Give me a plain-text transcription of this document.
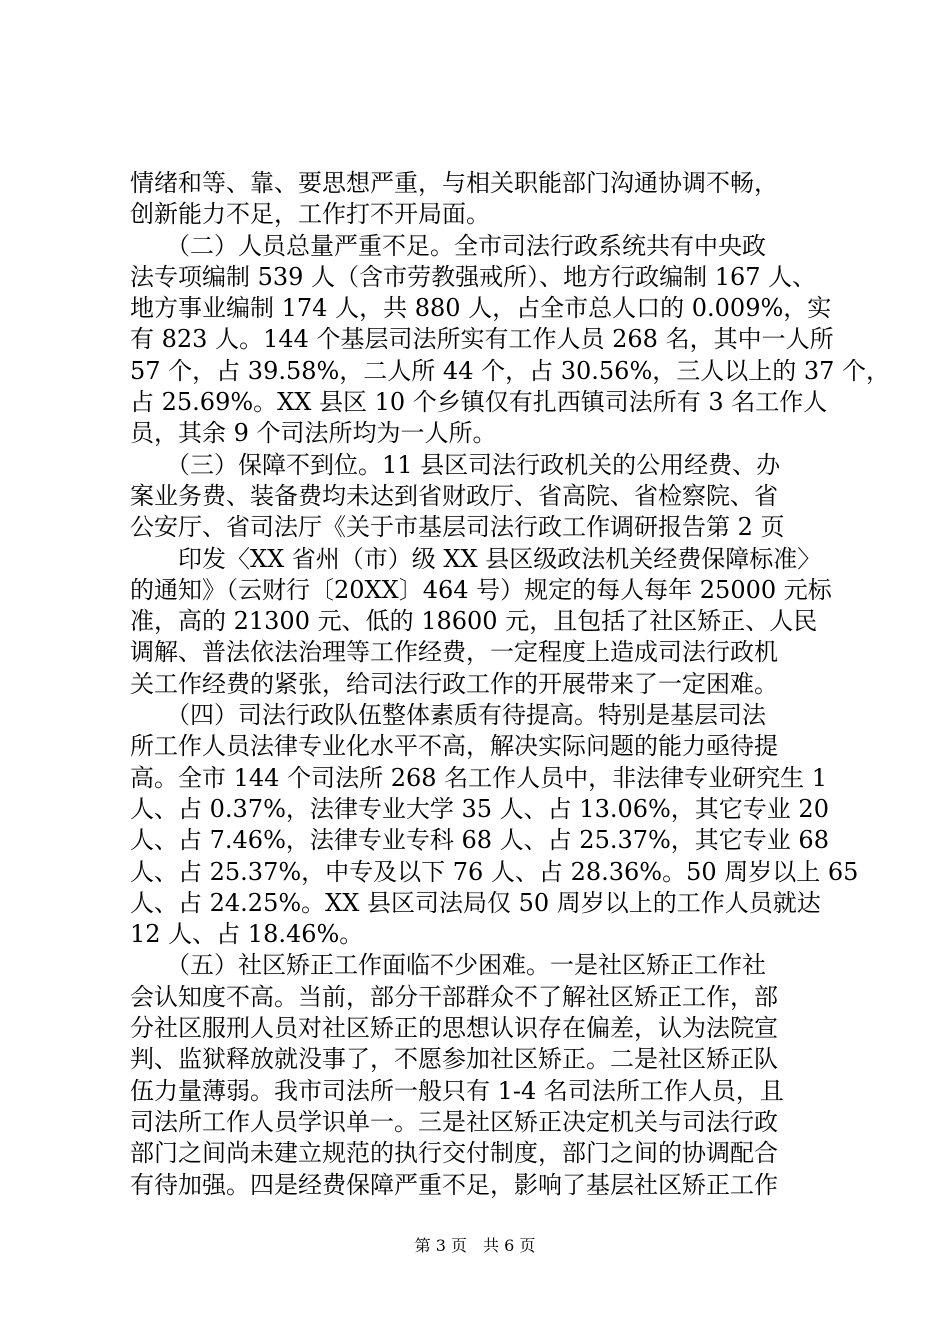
情绪和等、靠、要思想严重，与相关职能部门沟通协调不畅，
创新能力不足，工作打不开局面。
　　（二）人员总量严重不足。全市司法行政系统共有中央政
法专项编制 539 人（含市劳教强戒所）、地方行政编制 167 人、
地方事业编制 174 人，共 880 人，占全市总人口的 0.009%，实
有 823 人。144 个基层司法所实有工作人员 268 名，其中一人所
57 个，占 39.58%，二人所 44 个，占 30.56%，三人以上的 37 个，
占 25.69%。XX 县区 10 个乡镇仅有扎西镇司法所有 3 名工作人
员，其余 9 个司法所均为一人所。
　　（三）保障不到位。11 县区司法行政机关的公用经费、办
案业务费、装备费均未达到省财政厅、省高院、省检察院、省
公安厅、省司法厅《关于市基层司法行政工作调研报告第 2 页
　　印发〈XX 省州（市）级 XX 县区级政法机关经费保障标准〉
的通知》（云财行〔20XX〕464 号）规定的每人每年 25000 元标
准，高的 21300 元、低的 18600 元，且包括了社区矫正、人民
调解、普法依法治理等工作经费，一定程度上造成司法行政机
关工作经费的紧张，给司法行政工作的开展带来了一定困难。
　　（四）司法行政队伍整体素质有待提高。特别是基层司法
所工作人员法律专业化水平不高，解决实际问题的能力亟待提
高。全市 144 个司法所 268 名工作人员中，非法律专业研究生 1
人、占 0.37%，法律专业大学 35 人、占 13.06%，其它专业 20
人、占 7.46%，法律专业专科 68 人、占 25.37%，其它专业 68
人、占 25.37%，中专及以下 76 人、占 28.36%。50 周岁以上 65
人、占 24.25%。XX 县区司法局仅 50 周岁以上的工作人员就达
12 人、占 18.46%。
　　（五）社区矫正工作面临不少困难。一是社区矫正工作社
会认知度不高。当前，部分干部群众不了解社区矫正工作，部
分社区服刑人员对社区矫正的思想认识存在偏差，认为法院宣
判、监狱释放就没事了，不愿参加社区矫正。二是社区矫正队
伍力量薄弱。我市司法所一般只有 1-4 名司法所工作人员，且
司法所工作人员学识单一。三是社区矫正决定机关与司法行政
部门之间尚未建立规范的执行交付制度，部门之间的协调配合
有待加强。四是经费保障严重不足，影响了基层社区矫正工作
第 3 页　共 6 页
